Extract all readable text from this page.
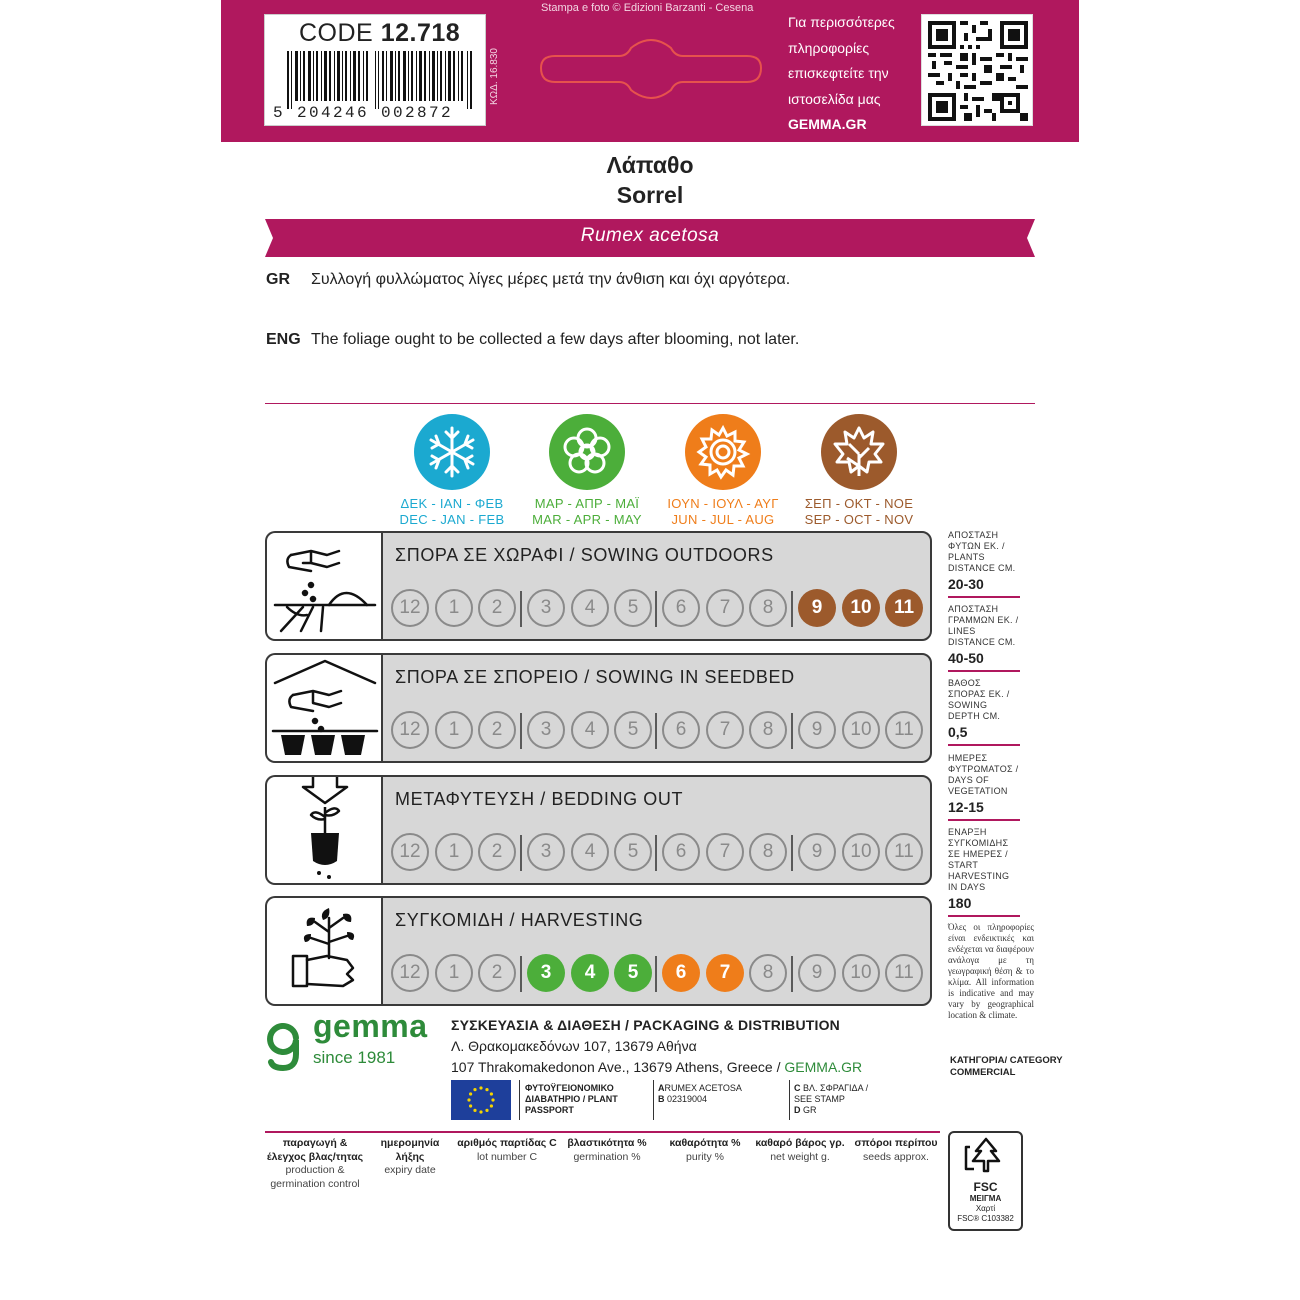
Stampa e foto © Edizioni Barzanti - Cesena
CODE 12.718
5 204246 002872
ΚΩΔ. 16.830
Για περισσότερες
πληροφορίες
επισκεφτείτε την
ιστοσελίδα μας
GEMMA.GR
Λάπαθο
Sorrel
Rumex acetosa
GR Συλλογή φυλλώματος λίγες μέρες μετά την άνθιση και όχι αργότερα.
ENG The foliage ought to be collected a few days after blooming, not later.
ΔΕΚ - ΙΑΝ - ΦΕΒ
DEC - JAN - FEB
ΜΑΡ - ΑΠΡ - ΜΑΪ
MAR - APR - MAY
ΙΟΥΝ - ΙΟΥΛ - ΑΥΓ
JUN - JUL - AUG
ΣΕΠ - ΟΚΤ - ΝΟΕ
SEP - OCT - NOV
ΣΠΟΡΑ ΣΕ ΧΩΡΑΦΙ / SOWING OUTDOORS
12	1	2	3	4	5	6	7	8	9	10	11
ΣΠΟΡΑ ΣΕ ΣΠΟΡΕΙΟ / SOWING IN SEEDBED
12	1	2	3	4	5	6	7	8	9	10	11
ΜΕΤΑΦΥΤΕΥΣΗ / BEDDING OUT
12	1	2	3	4	5	6	7	8	9	10	11
ΣΥΓΚΟΜΙΔΗ / HARVESTING
12	1	2	3	4	5	6	7	8	9	10	11
ΑΠΟΣΤΑΣΗ ΦΥΤΩΝ ΕΚ. / PLANTS DISTANCE CM.
20-30
ΑΠΟΣΤΑΣΗ ΓΡΑΜΜΩΝ ΕΚ. / LINES DISTANCE CM.
40-50
ΒΑΘΟΣ ΣΠΟΡΑΣ ΕΚ. / SOWING DEPTH CM.
0,5
ΗΜΕΡΕΣ ΦΥΤΡΩΜΑΤΟΣ / DAYS OF VEGETATION
12-15
ΕΝΑΡΞΗ ΣΥΓΚΟΜΙΔΗΣ ΣΕ ΗΜΕΡΕΣ / START HARVESTING IN DAYS
180
Όλες οι πληροφορίες είναι ενδεικτικές και ενδέχεται να διαφέρουν ανάλογα με τη γεωγραφική θέση & το κλίμα. All information is indicative and may vary by geographical location & climate.
ΚΑΤΗΓΟΡΙΑ/ CATEGORY COMMERCIAL
gemma
since 1981
ΣΥΣΚΕΥΑΣΙΑ & ΔΙΑΘΕΣΗ / PACKAGING & DISTRIBUTION
Λ. Θρακομακεδόνων 107, 13679 Αθήνα
107 Thrakomakedonon Ave., 13679 Athens, Greece / GEMMA.GR
ΦΥΤΟΫΓΕΙΟΝΟΜΙΚΟ ΔΙΑΒΑΤΗΡΙΟ / PLANT PASSPORT
ARUMEX ACETOSA
B 02319004
C ΒΛ. ΣΦΡΑΓΙΔΑ / SEE STAMP
D GR
παραγωγή & έλεγχος βλας/τητας
production & germination control
ημερομηνία λήξης
expiry date
αριθμός παρτίδας C
lot number C
βλαστικότητα %
germination %
καθαρότητα %
purity %
καθαρό βάρος γρ.
net weight g.
σπόροι περίπου
seeds approx.
FSC
ΜΕΙΓΜΑ
Χαρτί
FSC® C103382
